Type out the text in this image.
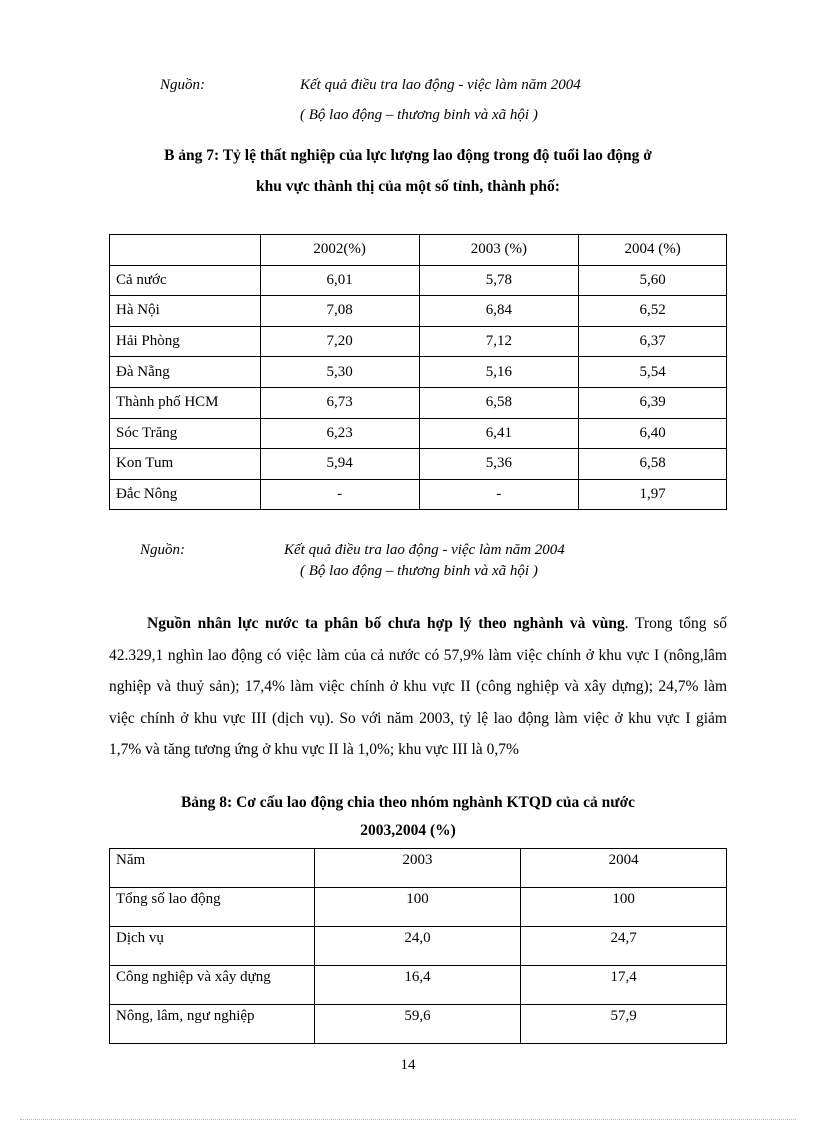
Nguồn:	Kết quả điều tra lao động - việc làm năm 2004
( Bộ lao động – thương binh và xã hội )
B ảng 7: Tỷ lệ thất nghiệp của lực lượng lao động trong độ tuổi lao động ở
khu vực thành thị của một số tỉnh, thành phố:
	2002(%)	2003 (%)	2004 (%)
Cả nước	6,01	5,78	5,60
Hà Nội	7,08	6,84	6,52
Hải Phòng	7,20	7,12	6,37
Đà Nẵng	5,30	5,16	5,54
Thành phố HCM	6,73	6,58	6,39
Sóc Trăng	6,23	6,41	6,40
Kon Tum	5,94	5,36	6,58
Đắc Nông	-	-	1,97
Nguồn:	Kết quả điều tra lao động - việc làm năm 2004
( Bộ lao động – thương binh và xã hội )
Nguồn nhân lực nước ta phân bố chưa hợp lý theo nghành và vùng. Trong tổng số 42.329,1 nghìn lao động có việc làm của cả nước có 57,9% làm việc chính ở khu vực I (nông,lâm nghiệp và thuỷ sản); 17,4% làm việc chính ở khu vực II (công nghiệp và xây dựng); 24,7% làm việc chính ở khu vực III (dịch vụ). So với năm 2003, tỷ lệ lao động làm việc ở khu vực I giảm 1,7% và tăng tương ứng ở khu vực II là 1,0%; khu vực III là 0,7%
Bảng 8: Cơ cấu lao động chia theo nhóm nghành KTQD của cả nước
2003,2004 (%)
Năm	2003	2004
Tổng số lao động	100	100
Dịch vụ	24,0	24,7
Công nghiệp và xây dựng	16,4	17,4
Nông, lâm, ngư nghiệp	59,6	57,9
14
